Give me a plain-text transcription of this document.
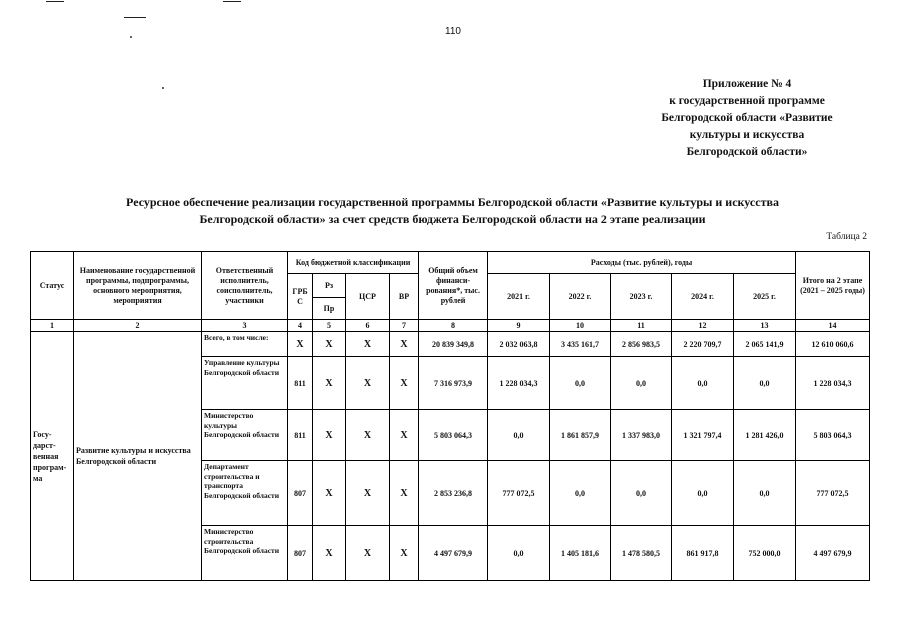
110
Приложение № 4
к государственной программе
Белгородской области «Развитие
культуры и искусства
Белгородской области»
Ресурсное обеспечение реализации государственной программы Белгородской области «Развитие культуры и искусства
Белгородской области» за счет средств бюджета Белгородской области на 2 этапе реализации
Таблица 2
Статус	Наименование государственной программы, подпрограммы, основного мероприятия, мероприятия	Ответственный исполнитель, соисполнитель, участники	Код бюджетной классификации				Общий объем финанси- рования*, тыс. рублей	Расходы (тыс. рублей), годы					Итого на 2 этапе (2021 – 2025 годы)
			ГРБ С	Рз	ЦСР	ВР		2021 г.	2022 г.	2023 г.	2024 г.	2025 г.	
				Пр									
1	2	3	4	5	6	7	8	9	10	11	12	13	14
Госу- дарст- венная програм- ма	Развитие культуры и искусства Белгородской области	Всего, в том числе:	Х	Х	Х	Х	20 839 349,8	2 032 063,8	3 435 161,7	2 856 983,5	2 220 709,7	2 065 141,9	12 610 060,6
		Управление культуры Белгородской области	811	Х	Х	Х	7 316 973,9	1 228 034,3	0,0	0,0	0,0	0,0	1 228 034,3
		Министерство культуры Белгородской области	811	Х	Х	Х	5 803 064,3	0,0	1 861 857,9	1 337 983,0	1 321 797,4	1 281 426,0	5 803 064,3
		Департамент строительства и транспорта Белгородской области	807	Х	Х	Х	2 853 236,8	777 072,5	0,0	0,0	0,0	0,0	777 072,5
		Министерство строительства Белгородской области	807	Х	Х	Х	4 497 679,9	0,0	1 405 181,6	1 478 580,5	861 917,8	752 000,0	4 497 679,9
